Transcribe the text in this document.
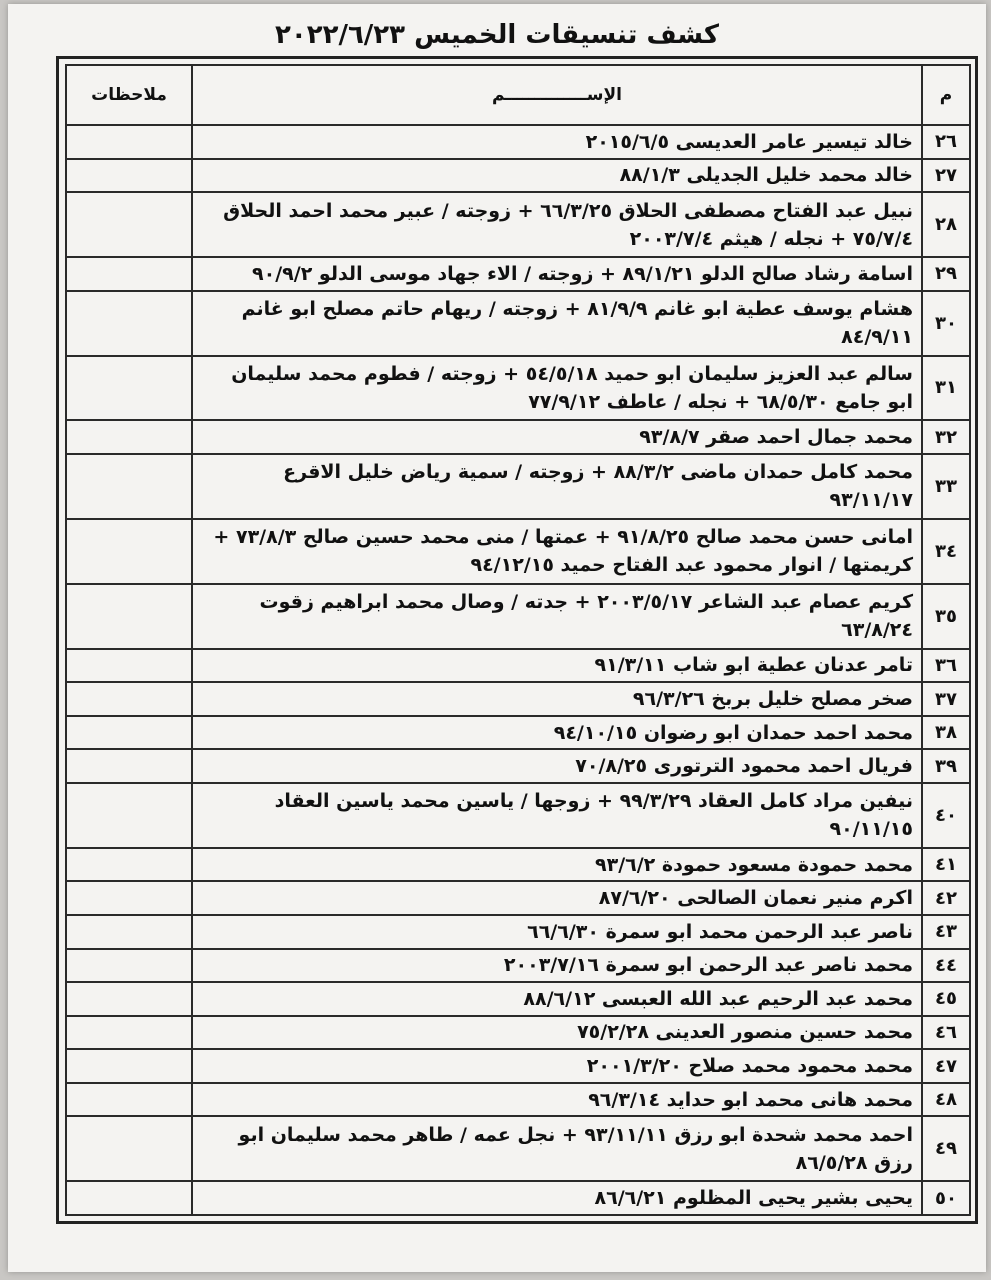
كشف تنسيقات الخميس ٢٠٢٢/٦/٢٣
م	الإســــــــــــــم	ملاحظات
٢٦	خالد تيسير عامر العديسى ٢٠١٥/٦/٥	
٢٧	خالد محمد خليل الجديلى ٨٨/١/٣	
٢٨	نبيل عبد الفتاح مصطفى الحلاق ٦٦/٣/٢٥ + زوجته / عبير محمد احمد الحلاق ٧٥/٧/٤ + نجله / هيثم ٢٠٠٣/٧/٤	
٢٩	اسامة رشاد صالح الدلو ٨٩/١/٢١ + زوجته / الاء جهاد موسى الدلو ٩٠/٩/٢	
٣٠	هشام يوسف عطية ابو غانم ٨١/٩/٩ + زوجته / ريهام حاتم مصلح ابو غانم ٨٤/٩/١١	
٣١	سالم عبد العزيز سليمان ابو حميد ٥٤/٥/١٨ + زوجته / فطوم محمد سليمان ابو جامع ٦٨/٥/٣٠ + نجله / عاطف ٧٧/٩/١٢	
٣٢	محمد جمال احمد صقر ٩٣/٨/٧	
٣٣	محمد كامل حمدان ماضى ٨٨/٣/٢ + زوجته / سمية رياض خليل الاقرع ٩٣/١١/١٧	
٣٤	امانى حسن محمد صالح ٩١/٨/٢٥ + عمتها / منى محمد حسين صالح ٧٣/٨/٣ + كريمتها / انوار محمود عبد الفتاح حميد ٩٤/١٢/١٥	
٣٥	كريم عصام عبد الشاعر ٢٠٠٣/٥/١٧ + جدته / وصال محمد ابراهيم زقوت ٦٣/٨/٢٤	
٣٦	تامر عدنان عطية ابو شاب ٩١/٣/١١	
٣٧	صخر مصلح خليل بربخ ٩٦/٣/٢٦	
٣٨	محمد احمد حمدان ابو رضوان ٩٤/١٠/١٥	
٣٩	فريال احمد محمود الترتورى ٧٠/٨/٢٥	
٤٠	نيفين مراد كامل العقاد ٩٩/٣/٢٩ + زوجها / ياسين محمد ياسين العقاد ٩٠/١١/١٥	
٤١	محمد حمودة مسعود حمودة ٩٣/٦/٢	
٤٢	اكرم منير نعمان الصالحى ٨٧/٦/٢٠	
٤٣	ناصر عبد الرحمن محمد ابو سمرة ٦٦/٦/٣٠	
٤٤	محمد ناصر عبد الرحمن ابو سمرة ٢٠٠٣/٧/١٦	
٤٥	محمد عبد الرحيم عبد الله العبسى ٨٨/٦/١٢	
٤٦	محمد حسين منصور العدينى ٧٥/٢/٢٨	
٤٧	محمد محمود محمد صلاح ٢٠٠١/٣/٢٠	
٤٨	محمد هانى محمد ابو حدايد ٩٦/٣/١٤	
٤٩	احمد محمد شحدة ابو رزق ٩٣/١١/١١ + نجل عمه / طاهر محمد سليمان ابو رزق ٨٦/٥/٢٨	
٥٠	يحيى بشير يحيى المظلوم ٨٦/٦/٢١	
